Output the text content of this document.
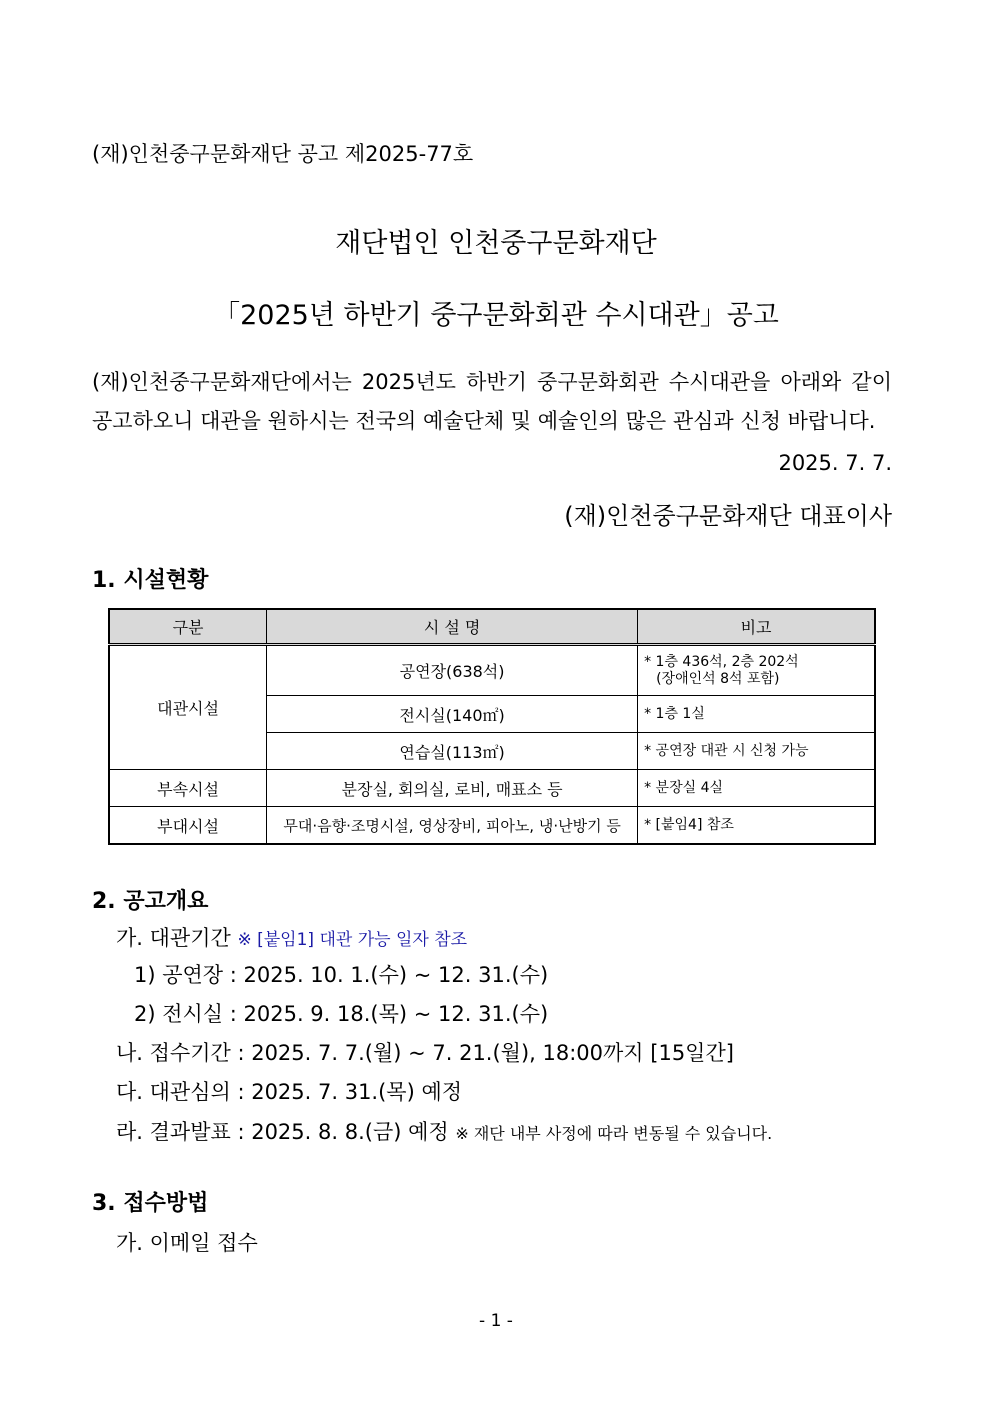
(재)인천중구문화재단 공고 제2025-77호
재단법인 인천중구문화재단
「2025년 하반기 중구문화회관 수시대관」공고
(재)인천중구문화재단에서는 2025년도 하반기 중구문화회관 수시대관을 아래와 같이 공고하오니 대관을 원하시는 전국의 예술단체 및 예술인의 많은 관심과 신청 바랍니다.
2025. 7. 7.
(재)인천중구문화재단 대표이사
1. 시설현황
구분	시 설 명	비고
대관시설	공연장(638석)	* 1층 436석, 2층 202석
(장애인석 8석 포함)

	전시실(140㎡)	* 1층 1실
	연습실(113㎡)	* 공연장 대관 시 신청 가능
부속시설	분장실, 회의실, 로비, 매표소 등	* 분장실 4실
부대시설	무대·음향·조명시설, 영상장비, 피아노, 냉·난방기 등	* [붙임4] 참조
2. 공고개요
가. 대관기간 ※ [붙임1] 대관 가능 일자 참조
1) 공연장 : 2025. 10. 1.(수) ~ 12. 31.(수)
2) 전시실 : 2025. 9. 18.(목) ~ 12. 31.(수)
나. 접수기간 : 2025. 7. 7.(월) ~ 7. 21.(월), 18:00까지 [15일간]
다. 대관심의 : 2025. 7. 31.(목) 예정
라. 결과발표 : 2025. 8. 8.(금) 예정 ※ 재단 내부 사정에 따라 변동될 수 있습니다.
3. 접수방법
가. 이메일 접수
- 1 -
